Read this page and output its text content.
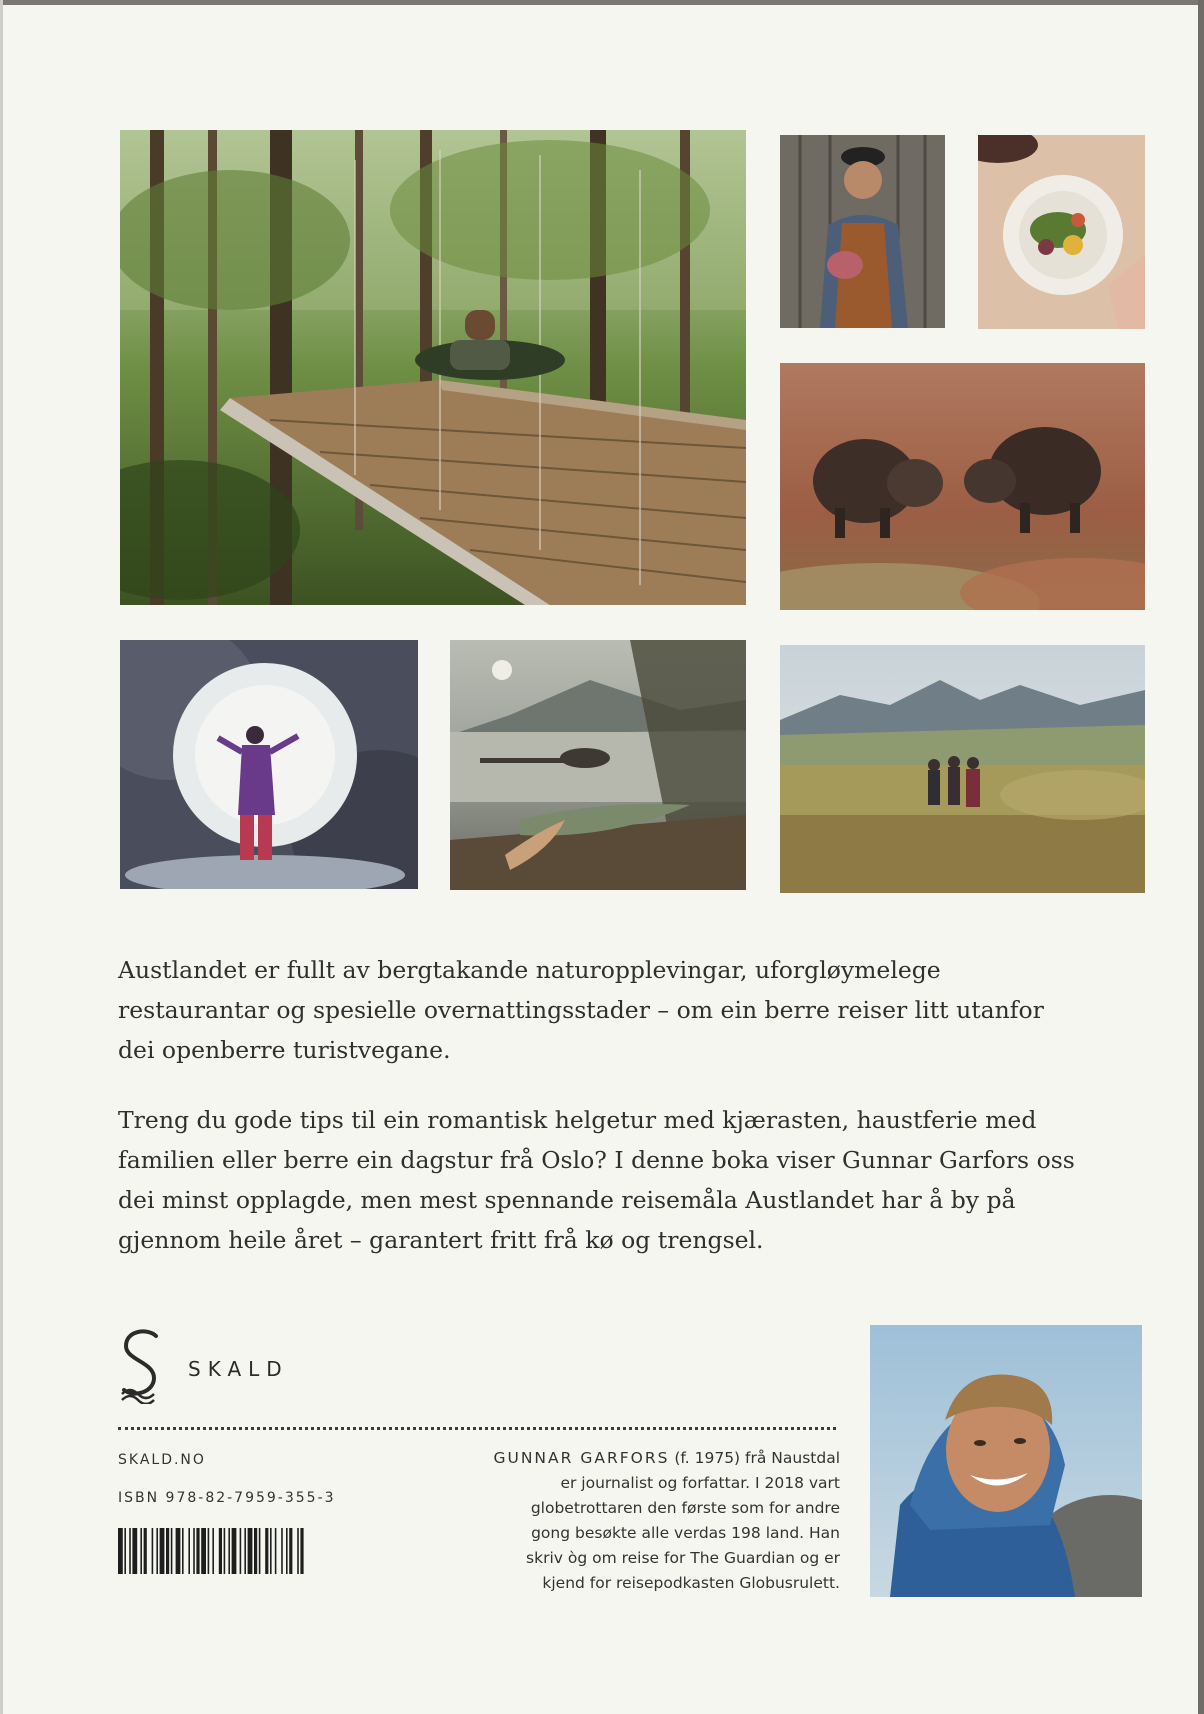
Austlandet er fullt av bergtakande naturopplevingar, uforgløymelege
restaurantar og spesielle overnattingsstader – om ein berre reiser litt utanfor
dei openberre turistvegane.

Treng du gode tips til ein romantisk helgetur med kjærasten, haustferie med
familien eller berre ein dagstur frå Oslo? I denne boka viser Gunnar Garfors oss
dei minst opplagde, men mest spennande reisemåla Austlandet har å by på
gjennom heile året – garantert fritt frå kø og trengsel.

SKALD
SKALD.NO
ISBN 978-82-7959-355-3
GUNNAR GARFORS (f. 1975) frå Naustdal
er journalist og forfattar. I 2018 vart
globetrottaren den første som for andre
gong besøkte alle verdas 198 land. Han
skriv òg om reise for The Guardian og er
kjend for reisepodkasten Globusrulett.
